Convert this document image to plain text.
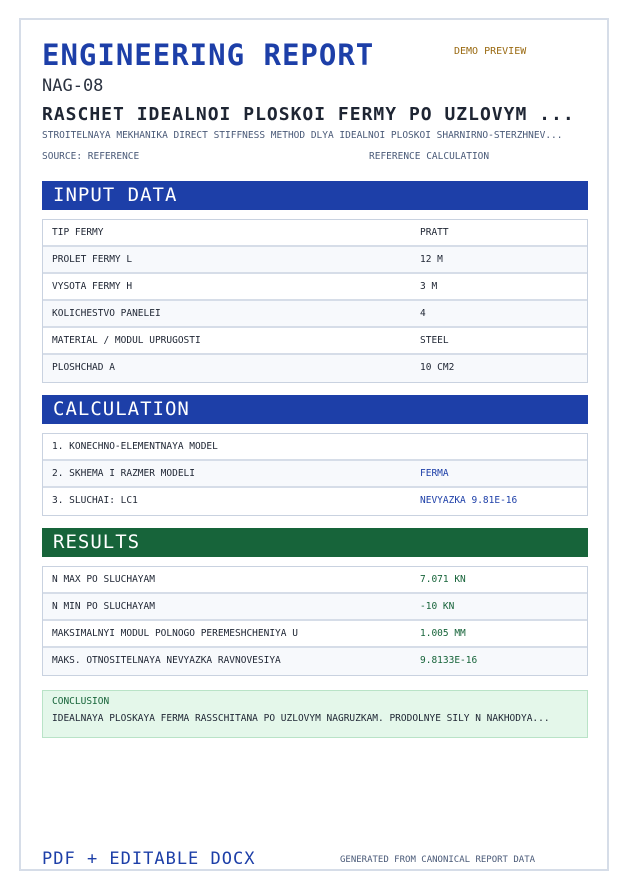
ENGINEERING REPORT	DEMO PREVIEW
NAG-08
RASCHET IDEALNOI PLOSKOI FERMY PO UZLOVYM ...
STROITELNAYA MEKHANIKA DIRECT STIFFNESS METHOD DLYA IDEALNOI PLOSKOI SHARNIRNO-STERZHNEV...
SOURCE: REFERENCE	REFERENCE CALCULATION
INPUT DATA
TIP FERMY	PRATT
PROLET FERMY L	12 M
VYSOTA FERMY H	3 M
KOLICHESTVO PANELEI	4
MATERIAL / MODUL UPRUGOSTI	STEEL
PLOSHCHAD A	10 CM2
CALCULATION
1. KONECHNO-ELEMENTNAYA MODEL
2. SKHEMA I RAZMER MODELI	FERMA
3. SLUCHAI: LC1	NEVYAZKA 9.81E-16
RESULTS
N MAX PO SLUCHAYAM	7.071 KN
N MIN PO SLUCHAYAM	-10 KN
MAKSIMALNYI MODUL POLNOGO PEREMESHCHENIYA U	1.005 MM
MAKS. OTNOSITELNAYA NEVYAZKA RAVNOVESIYA	9.8133E-16
CONCLUSION
IDEALNAYA PLOSKAYA FERMA RASSCHITANA PO UZLOVYM NAGRUZKAM. PRODOLNYE SILY N NAKHODYA...
PDF + EDITABLE DOCX	GENERATED FROM CANONICAL REPORT DATA
